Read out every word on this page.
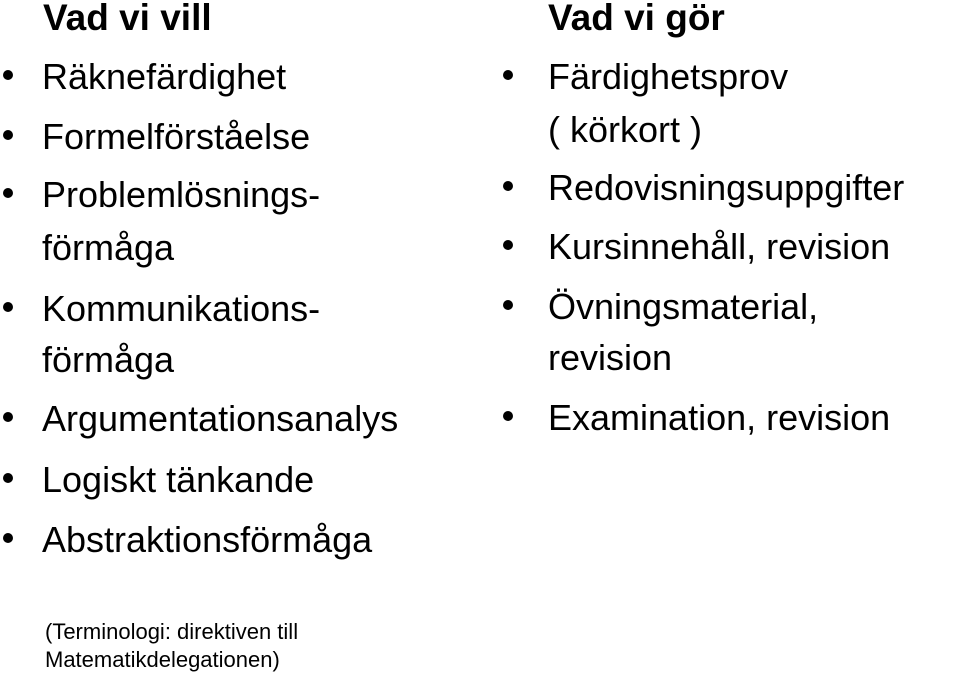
Vad vi vill
Räknefärdighet
Formelförståelse
Problemlösnings-
förmåga
Kommunikations-
förmåga
Argumentationsanalys
Logiskt tänkande
Abstraktionsförmåga
Vad vi gör
Färdighetsprov
( körkort )
Redovisningsuppgifter
Kursinnehåll, revision
Övningsmaterial,
revision
Examination, revision
(Terminologi: direktiven till
Matematikdelegationen)
